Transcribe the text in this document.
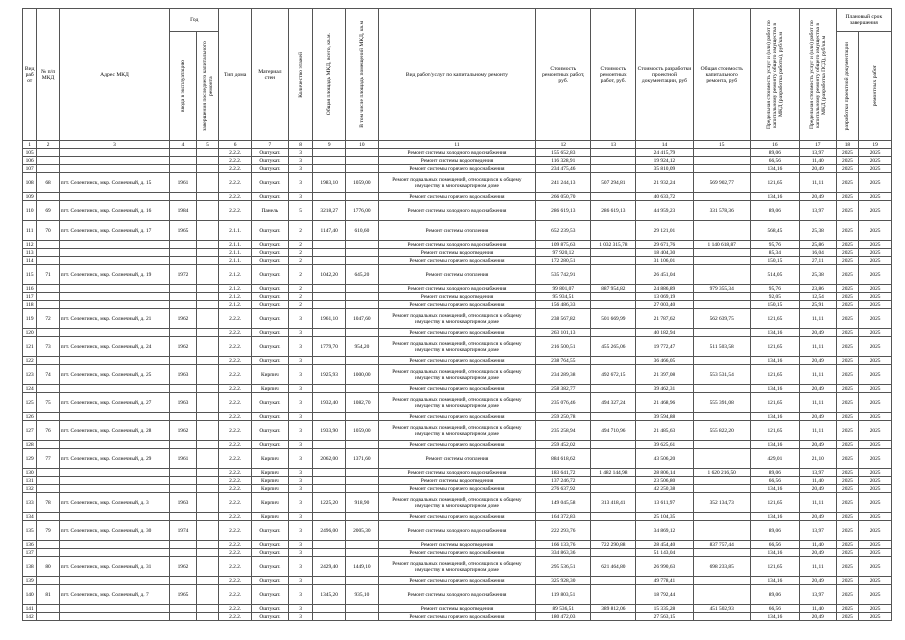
Вид раб от	№ п/п МКД	Адрес МКД	Год		Тип дома	Материал стен	Количество этажей	Общая площадь МКД, всего, кв.м.	В том числе площадь помещений МКД, кв.м	Вид работ/услуг по капитальному ремонту	Стоимость ремонтных работ, руб.	Стоимость ремонтных работ, руб.	Стоимость разработки проектной документации, руб	Общая стоимость капитального ремонта, руб	Предельная стоимость услуг и (или) работ по капитальному ремонту общего имущества в МКД (разработка работы), руб/кв.м	Предельная стоимость услуг и (или) работ по капитальному ремонту общего имущества в МКД (разработка ПСД), руб/кв.м	Плановый срок завершения	

			ввода в эксплуатацию	завершения последнего капитального ремонта													разработки проектной документации	ремонтных работ

1	2	3	4	5	6	7	8	9	10	11	12	13	14	15	16	17	18	19
105					2.2.2.	Оштукат.	3			Ремонт системы холодного водоснабжения	155 652,83		24 415,79		89,06	13,97	2025	2025
106					2.2.2.	Оштукат.	3			Ремонт системы водоотведения	116 328,91		19 924,12		66,56	11,40	2025	2025
107					2.2.2.	Оштукат.	3			Ремонт системы горячего водоснабжения	234 475,46		35 810,09		134,16	20,49	2025	2025
108	68	пгт. Селенгинск, мкр. Солнечный, д. 15	1961		2.2.2.	Оштукат.	3	1983,10	1059,00	Ремонт подвальных помещений, относящихся к общему имуществу в многоквартирном доме	241 244,13	507 294,81	21 932,24	569 902,77	121,65	11,11	2025	2025
109					2.2.2.	Оштукат.	3			Ремонт системы горячего водоснабжения	266 050,70		40 633,72		134,16	20,49	2025	2025
110	69	пгт. Селенгинск, мкр. Солнечный, д. 16	1984		2.2.2.	Панель	5	3218,27	1776,00	Ремонт системы холодного водоснабжения	286 619,13	286 619,13	44 959,23	331 578,36	89,06	13,97	2025	2025
111	70	пгт. Селенгинск, мкр. Солнечный, д. 17	1965		2.1.1.	Оштукат.	2	1147,40	610,60	Ремонт системы отопления	652 239,53		29 121,01		568,45	25,38	2025	2025
112					2.1.1.	Оштукат.	2			Ремонт системы холодного водоснабжения	109 875,63	1 032 315,78	29 671,76	1 140 618,87	95,76	25,86	2025	2025
113					2.1.1.	Оштукат.	2			Ремонт системы водоотведения	97 920,12		18 404,30		85,34	16,04	2025	2025
114					2.1.1.	Оштукат.	2			Ремонт системы горячего водоснабжения	172 280,51		31 106,01		150,15	27,11	2025	2025
115	71	пгт. Селенгинск, мкр. Солнечный, д. 19	1972		2.1.2.	Оштукат.	2	1042,20	645,20	Ремонт системы отопления	535 742,91		26 451,04		514,05	25,38	2025	2025
116					2.1.2.	Оштукат.	2			Ремонт системы холодного водоснабжения	99 801,07	887 954,82	24 886,89	979 355,34	95,76	23,86	2025	2025
117					2.1.2.	Оштукат.	2			Ремонт системы водоотведения	95 934,51		13 069,19		92,05	12,54	2025	2025
118					2.1.2.	Оштукат.	2			Ремонт системы горячего водоснабжения	156 486,33		27 003,40		150,15	25,91	2025	2025
119	72	пгт. Селенгинск, мкр. Солнечный, д. 21	1962		2.2.2.	Оштукат.	3	1961,10	1047,60	Ремонт подвальных помещений, относящихся к общему имуществу в многоквартирном доме	238 567,82	501 669,99	21 787,62	562 639,75	121,65	11,11	2025	2025
120					2.2.2.	Оштукат.	3			Ремонт системы горячего водоснабжения	263 101,13		40 182,94		134,16	20,49	2025	2025
121	73	пгт. Селенгинск, мкр. Солнечный, д. 24	1962		2.2.2.	Оштукат.	3	1779,70	954,20	Ремонт подвальных помещений, относящихся к общему имуществу в многоквартирном доме	216 500,51	455 265,06	19 772,47	511 503,58	121,65	11,11	2025	2025
122					2.2.2.	Оштукат.	3			Ремонт системы горячего водоснабжения	238 764,55		36 466,05		134,16	20,49	2025	2025
123	74	пгт. Селенгинск, мкр. Солнечный, д. 25	1963		2.2.2.	Кирпич	3	1925,93	1000,00	Ремонт подвальных помещений, относящихся к общему имуществу в многоквартирном доме	234 289,38	492 672,15	21 397,08	553 531,54	121,65	11,11	2025	2025
124					2.2.2.	Кирпич	3			Ремонт системы горячего водоснабжения	258 382,77		39 462,31		134,16	20,49	2025	2025
125	75	пгт. Селенгинск, мкр. Солнечный, д. 27	1963		2.2.2.	Оштукат.	3	1932,40	1082,70	Ремонт подвальных помещений, относящихся к общему имуществу в многоквартирном доме	235 076,46	494 327,24	21 468,96	555 391,08	121,65	11,11	2025	2025
126					2.2.2.	Оштукат.	3			Ремонт системы горячего водоснабжения	259 250,78		39 594,88		134,16	20,49	2025	2025
127	76	пгт. Селенгинск, мкр. Солнечный, д. 28	1962		2.2.2.	Оштукат.	3	1933,90	1059,00	Ремонт подвальных помещений, относящихся к общему имуществу в многоквартирном доме	235 258,94	494 710,96	21 485,63	555 822,20	121,65	11,11	2025	2025
128					2.2.2.	Оштукат.	3			Ремонт системы горячего водоснабжения	259 452,02		39 625,61		134,16	20,49	2025	2025
129	77	пгт. Селенгинск, мкр. Солнечный, д. 29	1961		2.2.2.	Кирпич	3	2062,00	1371,60	Ремонт системы отопления	884 618,62		43 506,20		429,01	21,10	2025	2025
130					2.2.2.	Кирпич	3			Ремонт системы холодного водоснабжения	183 641,72	1 482 144,98	28 806,14	1 620 216,50	89,06	13,97	2025	2025
131					2.2.2.	Кирпич	3			Ремонт системы водоотведения	137 246,72		23 506,80		66,56	11,40	2025	2025
132					2.2.2.	Кирпич	3			Ремонт системы горячего водоснабжения	276 637,92		42 250,38		134,16	20,49	2025	2025
133	78	пгт. Селенгинск, мкр. Солнечный, д. 3	1963		2.2.2.	Кирпич	3	1225,20	918,90	Ремонт подвальных помещений, относящихся к общему имуществу в многоквартирном доме	149 045,58	313 418,41	13 611,97	352 134,73	121,65	11,11	2025	2025
134					2.2.2.	Кирпич	3			Ремонт системы горячего водоснабжения	164 372,83		25 104,35		134,16	20,49	2025	2025
135	79	пгт. Селенгинск, мкр. Солнечный, д. 30	1974		2.2.2.	Оштукат.	3	2496,00	2005,30	Ремонт системы холодного водоснабжения	222 293,76		34 869,12		89,06	13,97	2025	2025
136					2.2.2.	Оштукат.	3			Ремонт системы водоотведения	166 133,76	722 290,88	28 454,40	837 757,44	66,56	11,40	2025	2025
137					2.2.2.	Оштукат.	3			Ремонт системы горячего водоснабжения	334 863,36		51 143,04		134,16	20,49	2025	2025
138	80	пгт. Селенгинск, мкр. Солнечный, д. 31	1962		2.2.2.	Оштукат.	3	2429,40	1449,10	Ремонт подвальных помещений, относящихся к общему имуществу в многоквартирном доме	295 536,51	621 464,80	26 990,63	698 233,85	121,65	11,11	2025	2025
139					2.2.2.	Оштукат.	3			Ремонт системы горячего водоснабжения	325 928,30		49 778,41		134,16	20,49	2025	2025
140	81	пгт. Селенгинск, мкр. Солнечный, д. 7	1965		2.2.2.	Оштукат.	3	1345,20	935,10	Ремонт системы холодного водоснабжения	119 803,51		18 792,44		89,06	13,97	2025	2025
141					2.2.2.	Оштукат.	3			Ремонт системы водоотведения	89 536,51	389 812,06	15 335,28	451 502,93	66,56	11,40	2025	2025
142					2.2.2.	Оштукат.	3			Ремонт системы горячего водоснабжения	180 472,03		27 563,15		134,16	20,49	2025	2025
